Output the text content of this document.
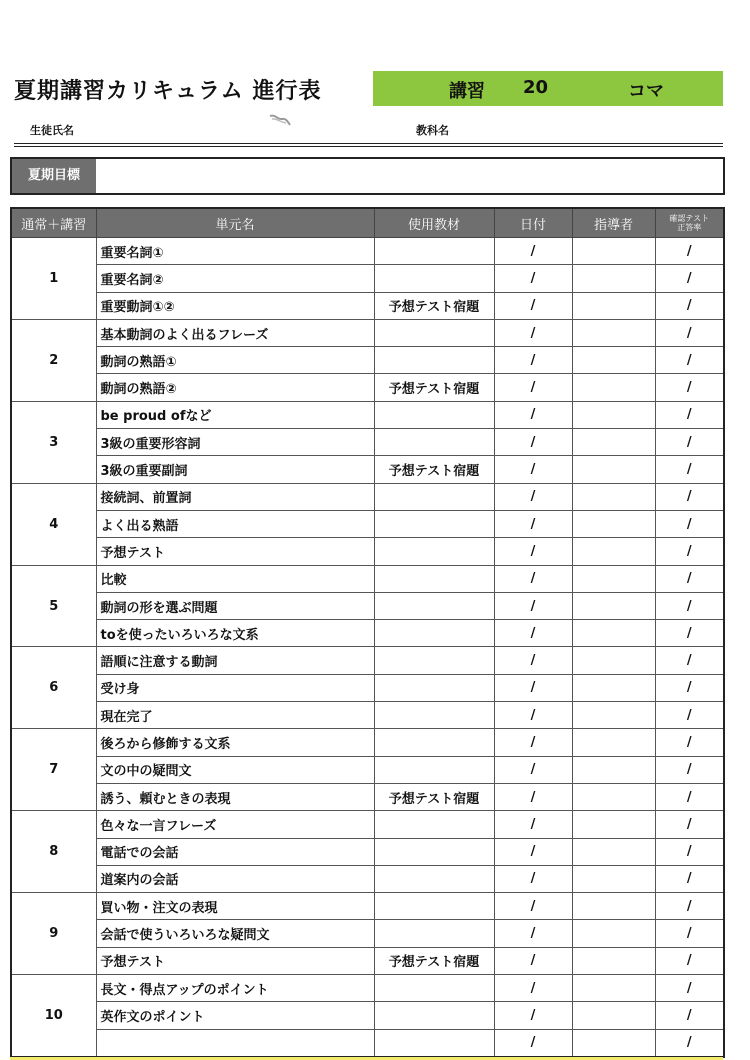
夏期講習カリキュラム 進行表	講習 20	コマ
生徒氏名	教科名
夏期目標
通常＋講習	単元名	使用教材	日付	指導者	確認テスト
正答率

1	重要名詞①		/		/
	重要名詞②		/		/
	重要動詞①②	予想テスト宿題	/		/
2	基本動詞のよく出るフレーズ		/		/
	動詞の熟語①		/		/
	動詞の熟語②	予想テスト宿題	/		/
3	be proud ofなど		/		/
	3級の重要形容詞		/		/
	3級の重要副詞	予想テスト宿題	/		/
4	接続詞、前置詞		/		/
	よく出る熟語		/		/
	予想テスト		/		/
5	比較		/		/
	動詞の形を選ぶ問題		/		/
	toを使ったいろいろな文系		/		/
6	語順に注意する動詞		/		/
	受け身		/		/
	現在完了		/		/
7	後ろから修飾する文系		/		/
	文の中の疑問文		/		/
	誘う、頼むときの表現	予想テスト宿題	/		/
8	色々な一言フレーズ		/		/
	電話での会話		/		/
	道案内の会話		/		/
9	買い物・注文の表現		/		/
	会話で使ういろいろな疑問文		/		/
	予想テスト	予想テスト宿題	/		/
10	長文・得点アップのポイント		/		/
	英作文のポイント		/		/
			/		/
